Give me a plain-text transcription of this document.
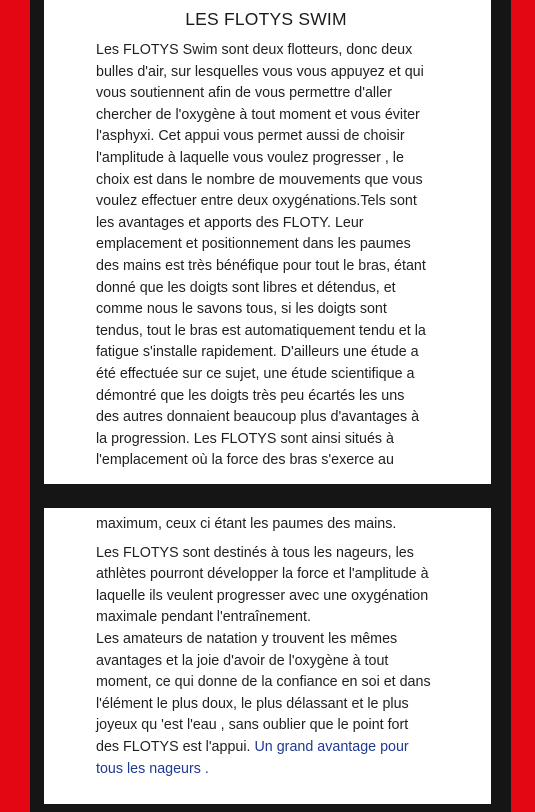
LES FLOTYS SWIM
Les FLOTYS Swim sont deux flotteurs, donc deux
bulles d'air, sur lesquelles vous vous appuyez et qui
vous soutiennent afin de vous permettre d'aller
chercher de l'oxygène à tout moment et vous éviter
l'asphyxi. Cet appui vous permet aussi de choisir
l'amplitude à laquelle vous voulez progresser , le
choix est dans le nombre de mouvements que vous
voulez effectuer entre deux oxygénations.Tels sont
les avantages et apports des FLOTY. Leur
emplacement et positionnement dans les paumes
des mains est très bénéfique pour tout le bras, étant
donné que les doigts sont libres et détendus, et
comme nous le savons tous, si les doigts sont
tendus, tout le bras est automatiquement tendu et la
fatigue s'installe rapidement. D'ailleurs une étude a
été effectuée sur ce sujet, une étude scientifique a
démontré que les doigts très peu écartés les uns
des autres donnaient beaucoup plus d'avantages à
la progression. Les FLOTYS sont ainsi situés à
l'emplacement où la force des bras s'exerce au
maximum, ceux ci étant les paumes des mains.
Les FLOTYS sont destinés à tous les nageurs, les
athlètes pourront développer la force et l'amplitude à
laquelle ils veulent progresser avec une oxygénation
maximale pendant l'entraînement.
Les amateurs de natation y trouvent les mêmes
avantages et la joie d'avoir de l'oxygène à tout
moment, ce qui donne de la confiance en soi et dans
l'élément le plus doux, le plus délassant et le plus
joyeux qu 'est l'eau , sans oublier que le point fort
des FLOTYS est l'appui. Un grand avantage pour
tous les nageurs .
